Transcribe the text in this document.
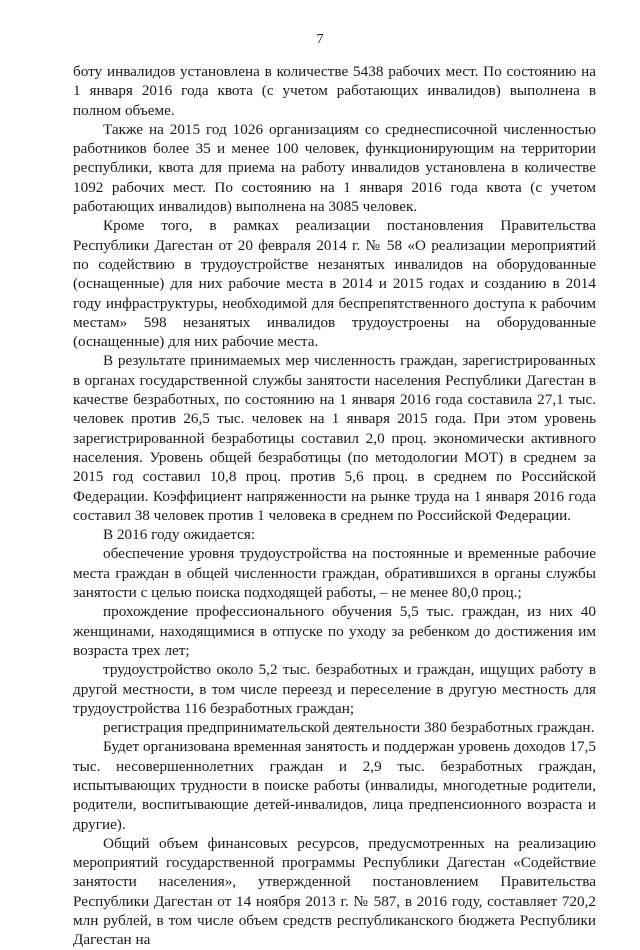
7

боту инвалидов установлена в количестве 5438 рабочих мест. По состоянию на 1 января 2016 года квота (с учетом работающих инвалидов) выполнена в полном объеме.

Также на 2015 год 1026 организациям со среднесписочной численностью работников более 35 и менее 100 человек, функционирующим на территории республики, квота для приема на работу инвалидов установлена в количестве 1092 рабочих мест. По состоянию на 1 января 2016 года квота (с учетом работающих инвалидов) выполнена на 3085 человек.

Кроме того, в рамках реализации постановления Правительства Республики Дагестан от 20 февраля 2014 г. № 58 «О реализации мероприятий по содействию в трудоустройстве незанятых инвалидов на оборудованные (оснащенные) для них рабочие места в 2014 и 2015 годах и созданию в 2014 году инфраструктуры, необходимой для беспрепятственного доступа к рабочим местам» 598 незанятых инвалидов трудоустроены на оборудованные (оснащенные) для них рабочие места.

В результате принимаемых мер численность граждан, зарегистрированных в органах государственной службы занятости населения Республики Дагестан в качестве безработных, по состоянию на 1 января 2016 года составила 27,1 тыс. человек против 26,5 тыс. человек на 1 января 2015 года. При этом уровень зарегистрированной безработицы составил 2,0 проц. экономически активного населения. Уровень общей безработицы (по методологии МОТ) в среднем за 2015 год составил 10,8 проц. против 5,6 проц. в среднем по Российской Федерации. Коэффициент напряженности на рынке труда на 1 января 2016 года составил 38 человек против 1 человека в среднем по Российской Федерации.

В 2016 году ожидается:

обеспечение уровня трудоустройства на постоянные и временные рабочие места граждан в общей численности граждан, обратившихся в органы службы занятости с целью поиска подходящей работы, – не менее 80,0 проц.;

прохождение профессионального обучения 5,5 тыс. граждан, из них 40 женщинами, находящимися в отпуске по уходу за ребенком до достижения им возраста трех лет;

трудоустройство около 5,2 тыс. безработных и граждан, ищущих работу в другой местности, в том числе переезд и переселение в другую местность для трудоустройства 116 безработных граждан;

регистрация предпринимательской деятельности 380 безработных граждан.

Будет организована временная занятость и поддержан уровень доходов 17,5 тыс. несовершеннолетних граждан и 2,9 тыс. безработных граждан, испытывающих трудности в поиске работы (инвалиды, многодетные родители, родители, воспитывающие детей-инвалидов, лица предпенсионного возраста и другие).

Общий объем финансовых ресурсов, предусмотренных на реализацию мероприятий государственной программы Республики Дагестан «Содействие занятости населения», утвержденной постановлением Правительства Республики Дагестан от 14 ноября 2013 г. № 587, в 2016 году, составляет 720,2 млн рублей, в том числе объем средств республиканского бюджета Республики Дагестан на
